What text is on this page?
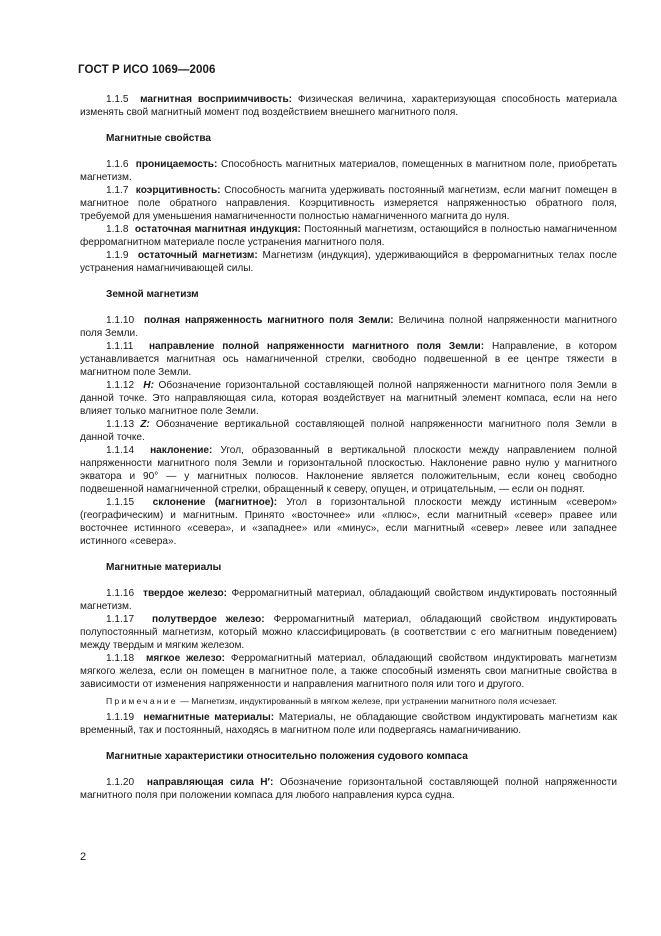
ГОСТ Р ИСО 1069—2006

1.1.5 магнитная восприимчивость: Физическая величина, характеризующая способность материала изменять свой магнитный момент под воздействием внешнего магнитного поля.

Магнитные свойства

1.1.6 проницаемость: Способность магнитных материалов, помещенных в магнитном поле, приобретать магнетизм.

1.1.7 коэрцитивность: Способность магнита удерживать постоянный магнетизм, если магнит помещен в магнитное поле обратного направления. Коэрцитивность измеряется напряженностью обратного поля, требуемой для уменьшения намагниченности полностью намагниченного магнита до нуля.

1.1.8 остаточная магнитная индукция: Постоянный магнетизм, остающийся в полностью намагниченном ферромагнитном материале после устранения магнитного поля.

1.1.9 остаточный магнетизм: Магнетизм (индукция), удерживающийся в ферромагнитных телах после устранения намагничивающей силы.

Земной магнетизм

1.1.10 полная напряженность магнитного поля Земли: Величина полной напряженности магнитного поля Земли.

1.1.11 направление полной напряженности магнитного поля Земли: Направление, в котором устанавливается магнитная ось намагниченной стрелки, свободно подвешенной в ее центре тяжести в магнитном поле Земли.

1.1.12 H: Обозначение горизонтальной составляющей полной напряженности магнитного поля Земли в данной точке. Это направляющая сила, которая воздействует на магнитный элемент компаса, если на него влияет только магнитное поле Земли.

1.1.13 Z: Обозначение вертикальной составляющей полной напряженности магнитного поля Земли в данной точке.

1.1.14 наклонение: Угол, образованный в вертикальной плоскости между направлением полной напряженности магнитного поля Земли и горизонтальной плоскостью. Наклонение равно нулю у магнитного экватора и 90° — у магнитных полюсов. Наклонение является положительным, если конец свободно подвешенной намагниченной стрелки, обращенный к северу, опущен, и отрицательным, — если он поднят.

1.1.15 склонение (магнитное): Угол в горизонтальной плоскости между истинным «севером» (географическим) и магнитным. Принято «восточнее» или «плюс», если магнитный «север» правее или восточнее истинного «севера», и «западнее» или «минус», если магнитный «север» левее или западнее истинного «севера».

Магнитные материалы

1.1.16 твердое железо: Ферромагнитный материал, обладающий свойством индуктировать постоянный магнетизм.

1.1.17 полутвердое железо: Ферромагнитный материал, обладающий свойством индуктировать полупостоянный магнетизм, который можно классифицировать (в соответствии с его магнитным поведением) между твердым и мягким железом.

1.1.18 мягкое железо: Ферромагнитный материал, обладающий свойством индуктировать магнетизм мягкого железа, если он помещен в магнитное поле, а также способный изменять свои магнитные свойства в зависимости от изменения напряженности и направления магнитного поля или того и другого.

Примечание — Магнетизм, индуктированный в мягком железе, при устранении магнитного поля исчезает.

1.1.19 немагнитные материалы: Материалы, не обладающие свойством индуктировать магнетизм как временный, так и постоянный, находясь в магнитном поле или подвергаясь намагничиванию.

Магнитные характеристики относительно положения судового компаса

1.1.20 направляющая сила H′: Обозначение горизонтальной составляющей полной напряженности магнитного поля при положении компаса для любого направления курса судна.

2
